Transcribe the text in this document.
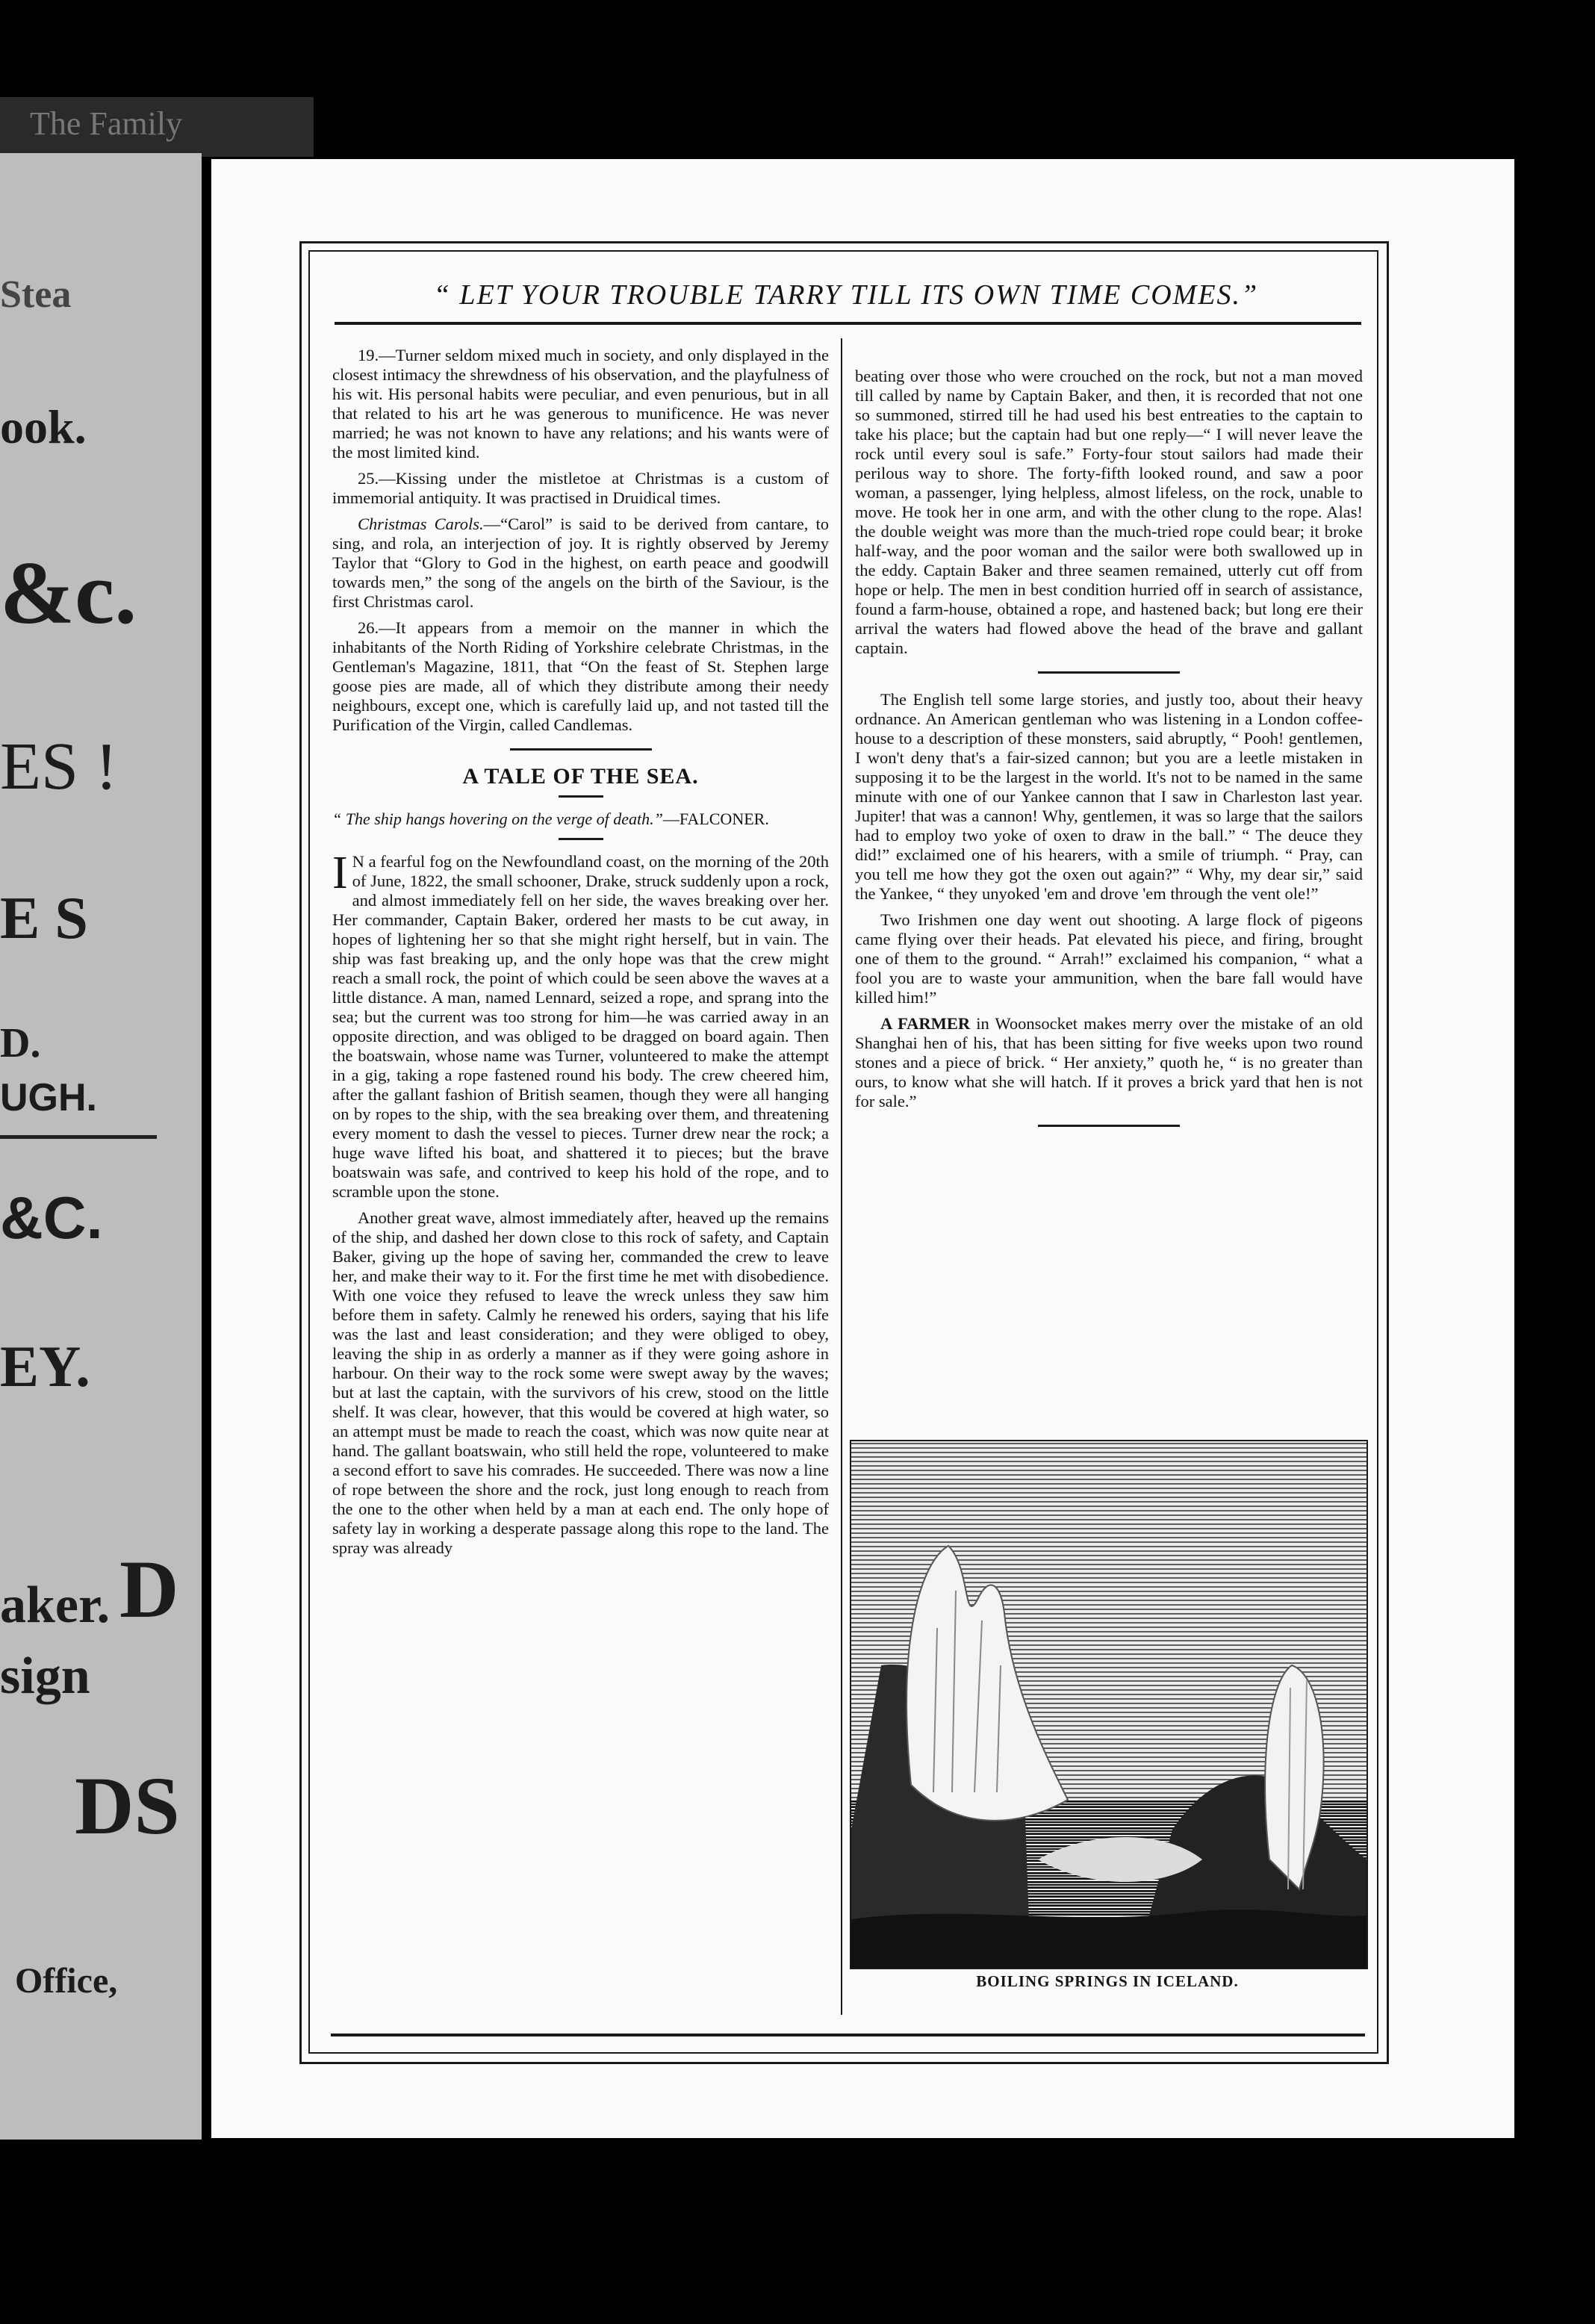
The Family
Stea
ook.
&c.
ES !
E S
D.
UGH.
&C.
EY.
D
aker.
sign
DS
Office,
“ LET YOUR TROUBLE TARRY TILL ITS OWN TIME COMES.”

19.—Turner seldom mixed much in society, and only displayed in the closest intimacy the shrewdness of his observation, and the playfulness of his wit. His personal habits were peculiar, and even penurious, but in all that related to his art he was generous to munificence. He was never married; he was not known to have any relations; and his wants were of the most limited kind.

25.—Kissing under the mistletoe at Christmas is a custom of immemorial antiquity. It was practised in Druidical times.

Christmas Carols.—“Carol” is said to be derived from cantare, to sing, and rola, an interjection of joy. It is rightly observed by Jeremy Taylor that “Glory to God in the highest, on earth peace and goodwill towards men,” the song of the angels on the birth of the Saviour, is the first Christmas carol.

26.—It appears from a memoir on the manner in which the inhabitants of the North Riding of Yorkshire celebrate Christmas, in the Gentleman's Magazine, 1811, that “On the feast of St. Stephen large goose pies are made, all of which they distribute among their needy neighbours, except one, which is carefully laid up, and not tasted till the Purification of the Virgin, called Candlemas.

A TALE OF THE SEA.
“ The ship hangs hovering on the verge of death.”—FALCONER.

I N a fearful fog on the Newfoundland coast, on the morning of the 20th of June, 1822, the small schooner, Drake, struck suddenly upon a rock, and almost immediately fell on her side, the waves breaking over her. Her commander, Captain Baker, ordered her masts to be cut away, in hopes of lightening her so that she might right herself, but in vain. The ship was fast breaking up, and the only hope was that the crew might reach a small rock, the point of which could be seen above the waves at a little distance. A man, named Lennard, seized a rope, and sprang into the sea; but the current was too strong for him—he was carried away in an opposite direction, and was obliged to be dragged on board again. Then the boatswain, whose name was Turner, volunteered to make the attempt in a gig, taking a rope fastened round his body. The crew cheered him, after the gallant fashion of British seamen, though they were all hanging on by ropes to the ship, with the sea breaking over them, and threatening every moment to dash the vessel to pieces. Turner drew near the rock; a huge wave lifted his boat, and shattered it to pieces; but the brave boatswain was safe, and contrived to keep his hold of the rope, and to scramble upon the stone.

Another great wave, almost immediately after, heaved up the remains of the ship, and dashed her down close to this rock of safety, and Captain Baker, giving up the hope of saving her, commanded the crew to leave her, and make their way to it. For the first time he met with disobedience. With one voice they refused to leave the wreck unless they saw him before them in safety. Calmly he renewed his orders, saying that his life was the last and least consideration; and they were obliged to obey, leaving the ship in as orderly a manner as if they were going ashore in harbour. On their way to the rock some were swept away by the waves; but at last the captain, with the survivors of his crew, stood on the little shelf. It was clear, however, that this would be covered at high water, so an attempt must be made to reach the coast, which was now quite near at hand. The gallant boatswain, who still held the rope, volunteered to make a second effort to save his comrades. He succeeded. There was now a line of rope between the shore and the rock, just long enough to reach from the one to the other when held by a man at each end. The only hope of safety lay in working a desperate passage along this rope to the land. The spray was already

beating over those who were crouched on the rock, but not a man moved till called by name by Captain Baker, and then, it is recorded that not one so summoned, stirred till he had used his best entreaties to the captain to take his place; but the captain had but one reply—“ I will never leave the rock until every soul is safe.” Forty-four stout sailors had made their perilous way to shore. The forty-fifth looked round, and saw a poor woman, a passenger, lying helpless, almost lifeless, on the rock, unable to move. He took her in one arm, and with the other clung to the rope. Alas! the double weight was more than the much-tried rope could bear; it broke half-way, and the poor woman and the sailor were both swallowed up in the eddy. Captain Baker and three seamen remained, utterly cut off from hope or help. The men in best condition hurried off in search of assistance, found a farm-house, obtained a rope, and hastened back; but long ere their arrival the waters had flowed above the head of the brave and gallant captain.

The English tell some large stories, and justly too, about their heavy ordnance. An American gentleman who was listening in a London coffee-house to a description of these monsters, said abruptly, “ Pooh! gentlemen, I won't deny that's a fair-sized cannon; but you are a leetle mistaken in supposing it to be the largest in the world. It's not to be named in the same minute with one of our Yankee cannon that I saw in Charleston last year. Jupiter! that was a cannon! Why, gentlemen, it was so large that the sailors had to employ two yoke of oxen to draw in the ball.” “ The deuce they did!” exclaimed one of his hearers, with a smile of triumph. “ Pray, can you tell me how they got the oxen out again?” “ Why, my dear sir,” said the Yankee, “ they unyoked 'em and drove 'em through the vent ole!”

Two Irishmen one day went out shooting. A large flock of pigeons came flying over their heads. Pat elevated his piece, and firing, brought one of them to the ground. “ Arrah!” exclaimed his companion, “ what a fool you are to waste your ammunition, when the bare fall would have killed him!”

A FARMER in Woonsocket makes merry over the mistake of an old Shanghai hen of his, that has been sitting for five weeks upon two round stones and a piece of brick. “ Her anxiety,” quoth he, “ is no greater than ours, to know what she will hatch. If it proves a brick yard that hen is not for sale.”

BOILING SPRINGS IN ICELAND.
